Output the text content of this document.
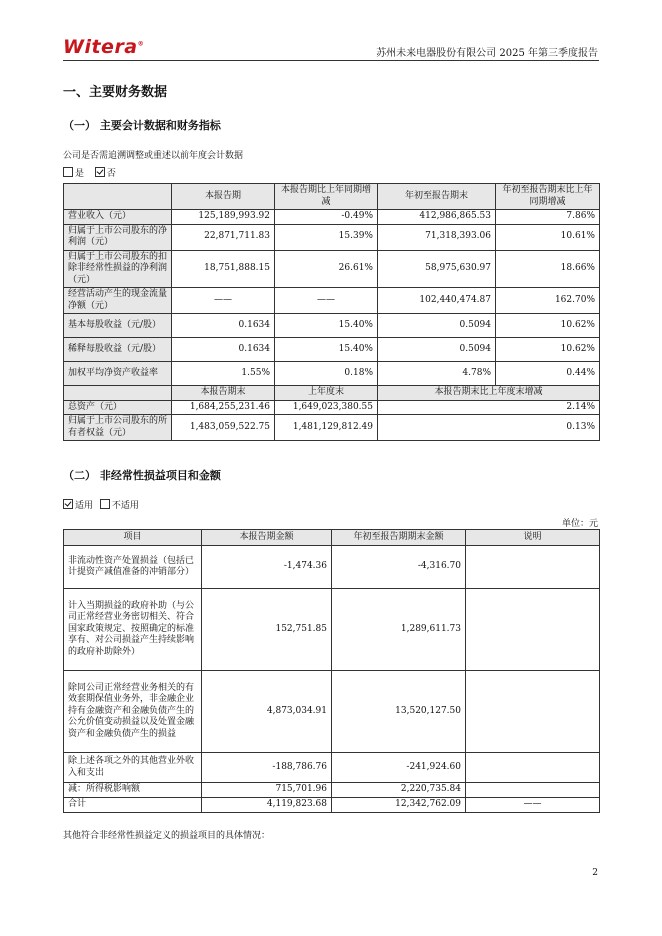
Witera®
苏州未来电器股份有限公司 2025 年第三季度报告
一、主要财务数据
（一） 主要会计数据和财务指标
公司是否需追溯调整或重述以前年度会计数据
是	否
	本报告期	本报告期比上年同期增减	年初至报告期末	年初至报告期末比上年同期增减
营业收入（元）	125,189,993.92	-0.49%	412,986,865.53	7.86%
归属于上市公司股东的净利润（元）	22,871,711.83	15.39%	71,318,393.06	10.61%
归属于上市公司股东的扣除非经常性损益的净利润（元）	18,751,888.15	26.61%	58,975,630.97	18.66%
经营活动产生的现金流量净额（元）	——	——	102,440,474.87	162.70%
基本每股收益（元/股）	0.1634	15.40%	0.5094	10.62%
稀释每股收益（元/股）	0.1634	15.40%	0.5094	10.62%
加权平均净资产收益率	1.55%	0.18%	4.78%	0.44%
	本报告期末	上年度末	本报告期末比上年度末增减	
总资产（元）	1,684,255,231.46	1,649,023,380.55	2.14%	
归属于上市公司股东的所有者权益（元）	1,483,059,522.75	1,481,129,812.49	0.13%	
（二） 非经常性损益项目和金额
适用 不适用
单位：元
项目	本报告期金额	年初至报告期期末金额	说明
非流动性资产处置损益（包括已计提资产减值准备的冲销部分）	-1,474.36	-4,316.70	
计入当期损益的政府补助（与公司正常经营业务密切相关、符合国家政策规定、按照确定的标准享有、对公司损益产生持续影响的政府补助除外）	152,751.85	1,289,611.73	
除同公司正常经营业务相关的有效套期保值业务外，非金融企业持有金融资产和金融负债产生的公允价值变动损益以及处置金融资产和金融负债产生的损益	4,873,034.91	13,520,127.50	
除上述各项之外的其他营业外收入和支出	-188,786.76	-241,924.60	
减：所得税影响额	715,701.96	2,220,735.84	
合计	4,119,823.68	12,342,762.09	——
其他符合非经常性损益定义的损益项目的具体情况：
2
